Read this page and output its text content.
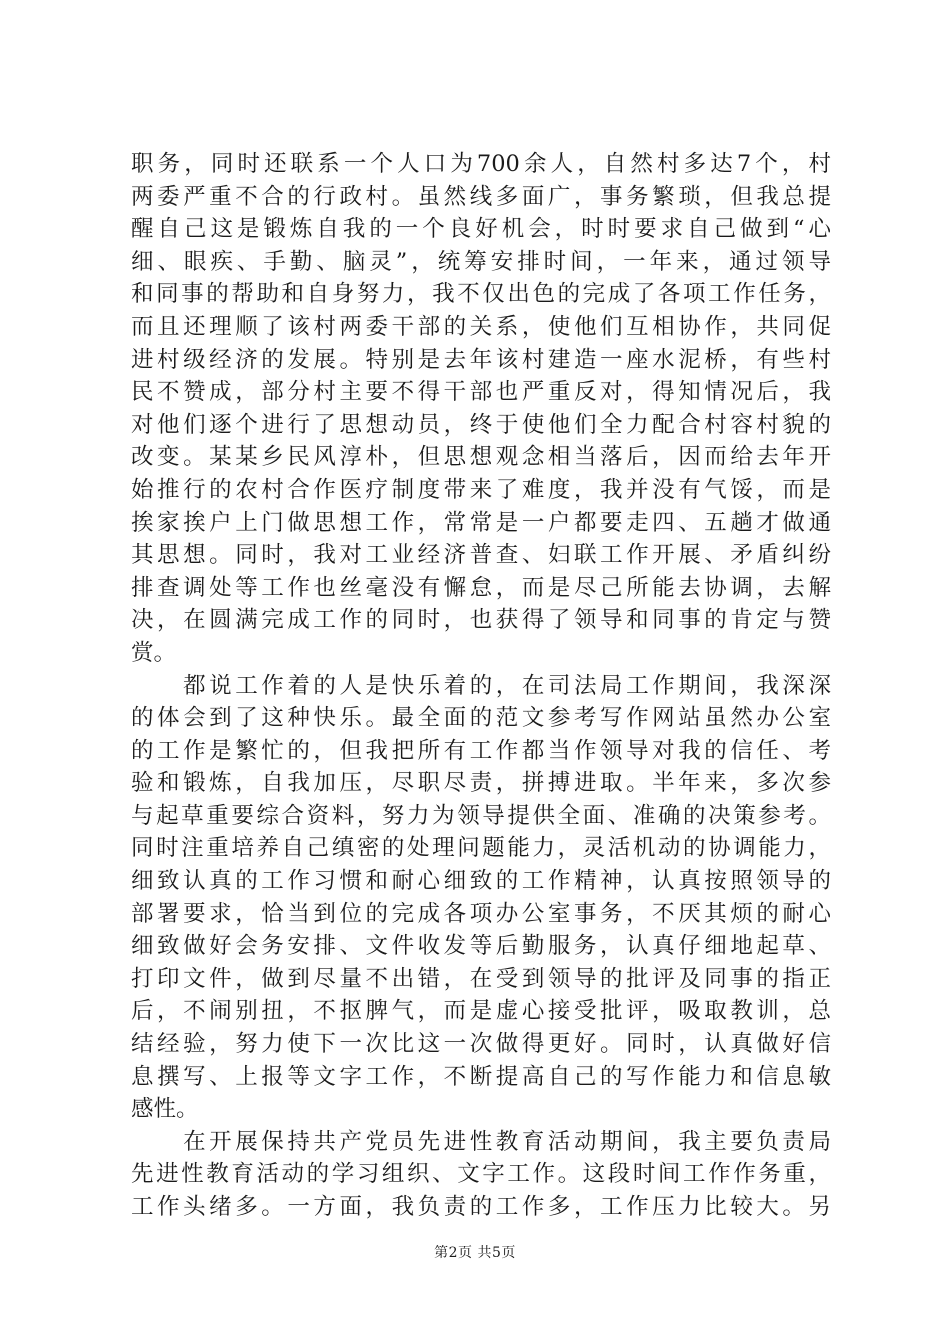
职务，同时还联系一个人口为700余人，自然村多达7个，村
两委严重不合的行政村。虽然线多面广，事务繁琐，但我总提
醒自己这是锻炼自我的一个良好机会，时时要求自己做到“心
细、眼疾、手勤、脑灵”，统筹安排时间，一年来，通过领导
和同事的帮助和自身努力，我不仅出色的完成了各项工作任务，
而且还理顺了该村两委干部的关系，使他们互相协作，共同促
进村级经济的发展。特别是去年该村建造一座水泥桥，有些村
民不赞成，部分村主要不得干部也严重反对，得知情况后，我
对他们逐个进行了思想动员，终于使他们全力配合村容村貌的
改变。某某乡民风淳朴，但思想观念相当落后，因而给去年开
始推行的农村合作医疗制度带来了难度，我并没有气馁，而是
挨家挨户上门做思想工作，常常是一户都要走四、五趟才做通
其思想。同时，我对工业经济普查、妇联工作开展、矛盾纠纷
排查调处等工作也丝毫没有懈怠，而是尽己所能去协调，去解
决，在圆满完成工作的同时，也获得了领导和同事的肯定与赞
赏。
　　都说工作着的人是快乐着的，在司法局工作期间，我深深
的体会到了这种快乐。最全面的范文参考写作网站虽然办公室
的工作是繁忙的，但我把所有工作都当作领导对我的信任、考
验和锻炼，自我加压，尽职尽责，拼搏进取。半年来，多次参
与起草重要综合资料，努力为领导提供全面、准确的决策参考。
同时注重培养自己缜密的处理问题能力，灵活机动的协调能力，
细致认真的工作习惯和耐心细致的工作精神，认真按照领导的
部署要求，恰当到位的完成各项办公室事务，不厌其烦的耐心
细致做好会务安排、文件收发等后勤服务，认真仔细地起草、
打印文件，做到尽量不出错，在受到领导的批评及同事的指正
后，不闹别扭，不抠脾气，而是虚心接受批评，吸取教训，总
结经验，努力使下一次比这一次做得更好。同时，认真做好信
息撰写、上报等文字工作，不断提高自己的写作能力和信息敏
感性。
　　在开展保持共产党员先进性教育活动期间，我主要负责局
先进性教育活动的学习组织、文字工作。这段时间工作作务重，
工作头绪多。一方面，我负责的工作多，工作压力比较大。另
第2页 共5页
